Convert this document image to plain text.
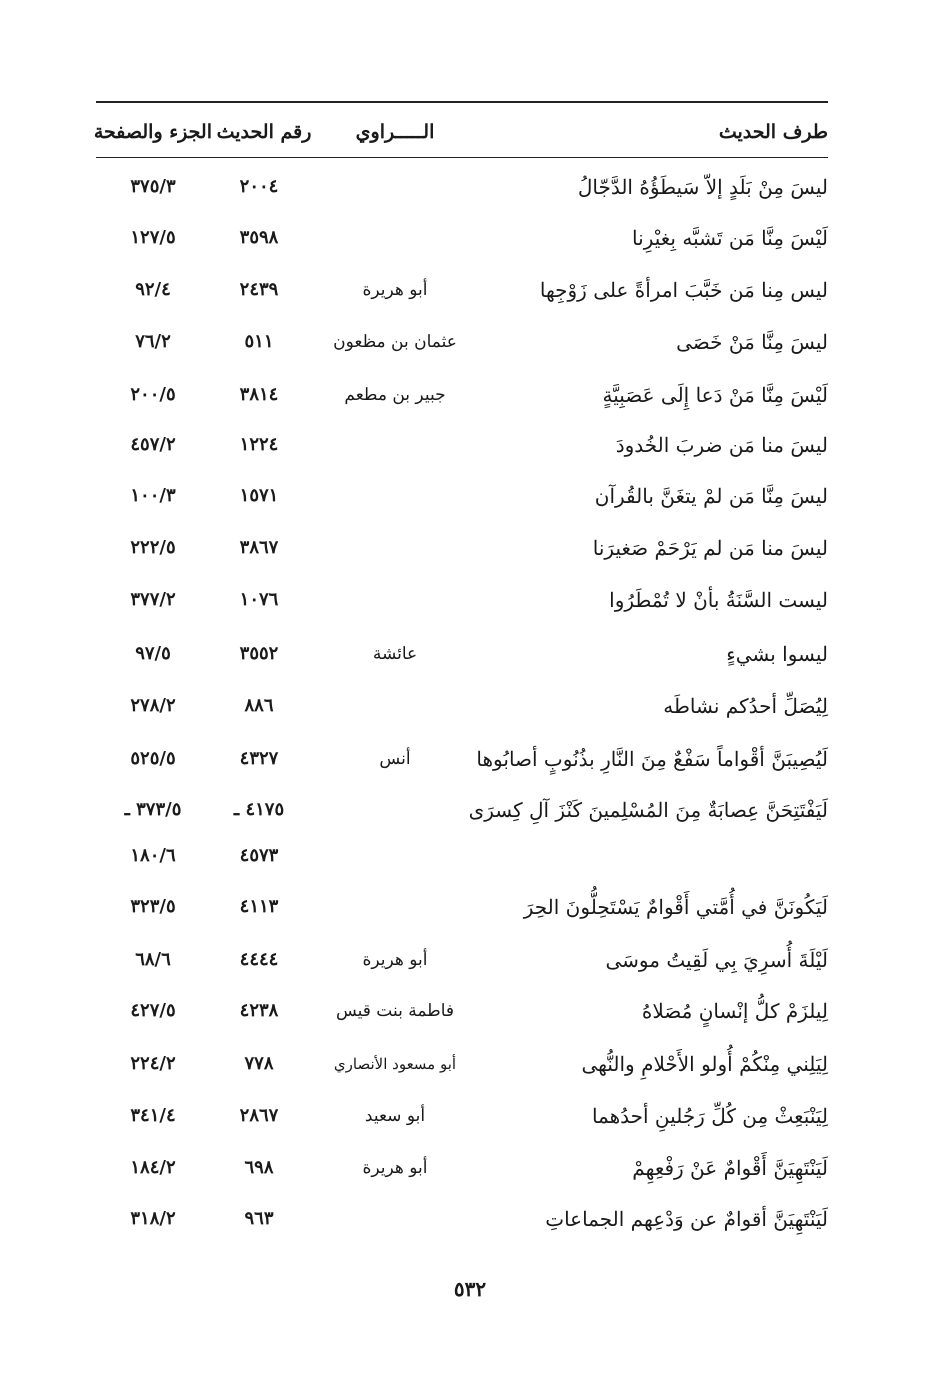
طرف الحديث
الـــــراوي
رقم الحديث
الجزء والصفحة
ليسَ مِنْ بَلَدٍ إلاّ سَيطَؤُهُ الدَّجّالُ
٢٠٠٤
٣٧٥/٣
لَيْسَ مِنَّا مَن تَشبَّه بِغيْرِنا
٣٥٩٨
١٢٧/٥
ليس مِنا مَن خَبَّبَ امرأةً على زَوْجِها
أبو هريرة
٢٤٣٩
٩٢/٤
ليسَ مِنَّا مَنْ خَصَى
عثمان بن مظعون
٥١١
٧٦/٢
لَيْسَ مِنَّا مَنْ دَعا إِلَى عَصَبِيَّةٍ
جبير بن مطعم
٣٨١٤
٢٠٠/٥
ليسَ منا مَن ضربَ الخُدودَ
١٢٢٤
٤٥٧/٢
ليسَ مِنَّا مَن لمْ يتغَنَّ بالقُرآن
١٥٧١
١٠٠/٣
ليسَ منا مَن لم يَرْحَمْ صَغيرَنا
٣٨٦٧
٢٢٢/٥
ليست السَّنَةُ بأنْ لا تُمْطَرُوا
١٠٧٦
٣٧٧/٢
ليسوا بشيءٍ
عائشة
٣٥٥٢
٩٧/٥
لِيُصَلِّ أحدُكم نشاطَه
٨٨٦
٢٧٨/٢
لَيُصِيبَنَّ أقْواماً سَفْعٌ مِنَ النَّارِ بذُنُوبٍ أصابُوها
أنس
٤٣٢٧
٥٢٥/٥
لَيَفْتَتِحَنَّ عِصابَةٌ مِنَ المُسْلِمينَ كَنْزَ آلِ كِسرَى
٤١٧٥ ـ
٣٧٣/٥ ـ
٤٥٧٣
١٨٠/٦
لَيَكُونَنَّ في أُمَّتي أَقْوامٌ يَسْتَحِلُّونَ الحِرَ
٤١١٣
٣٢٣/٥
لَيْلَةَ أُسرِيَ بِي لَقِيتُ موسَى
أبو هريرة
٤٤٤٤
٦٨/٦
لِيلزَمْ كلُّ إنْسانٍ مُصَلاهُ
فاطمة بنت قيس
٤٢٣٨
٤٢٧/٥
لِيَلِني مِنْكُمْ أُولو الأَحْلامِ والنُّهى
أبو مسعود الأنصاري
٧٧٨
٢٢٤/٢
لِيَنْبَعِثْ مِن كُلِّ رَجُلينِ أحدُهما
أبو سعيد
٢٨٦٧
٣٤١/٤
لَيَنْتَهِيَنَّ أَقْوامٌ عَنْ رَفْعِهِمْ
أبو هريرة
٦٩٨
١٨٤/٢
لَيَنْتَهِيَنَّ أقوامٌ عن وَدْعِهم الجماعاتِ
٩٦٣
٣١٨/٢
٥٣٢
